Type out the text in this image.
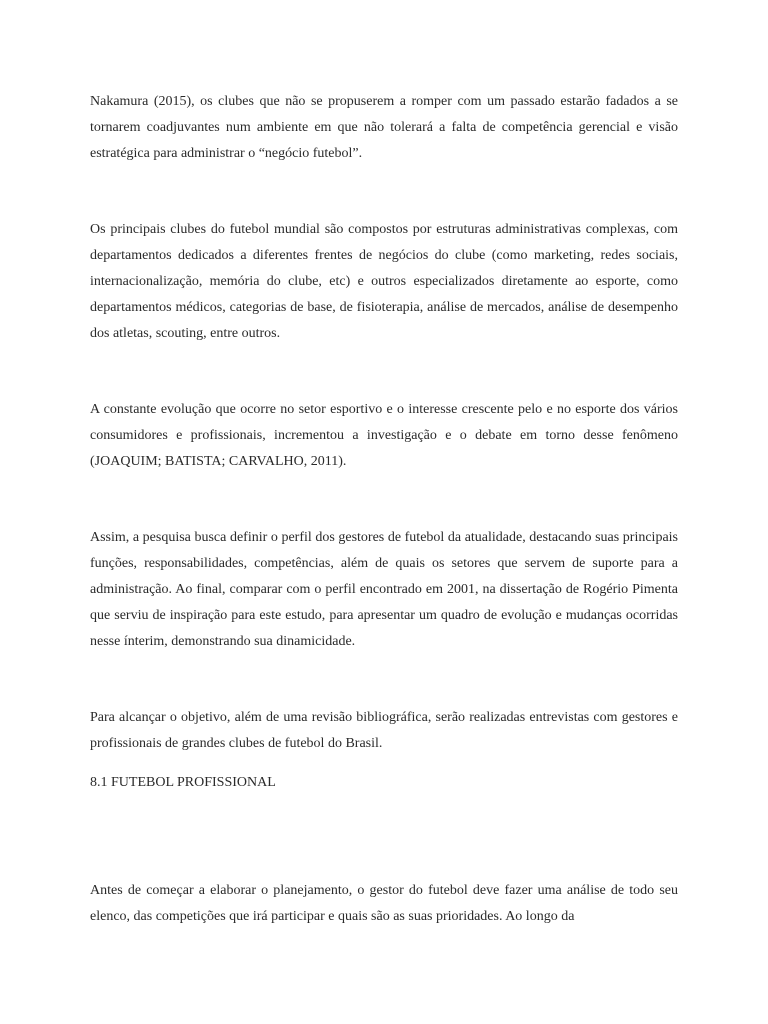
Nakamura (2015), os clubes que não se propuserem a romper com um passado estarão fadados a se tornarem coadjuvantes num ambiente em que não tolerará a falta de competência gerencial e visão estratégica para administrar o “negócio futebol”.

Os principais clubes do futebol mundial são compostos por estruturas administrativas complexas, com departamentos dedicados a diferentes frentes de negócios do clube (como marketing, redes sociais, internacionalização, memória do clube, etc) e outros especializados diretamente ao esporte, como departamentos médicos, categorias de base, de fisioterapia, análise de mercados, análise de desempenho dos atletas, scouting, entre outros.

A constante evolução que ocorre no setor esportivo e o interesse crescente pelo e no esporte dos vários consumidores e profissionais, incrementou a investigação e o debate em torno desse fenômeno (JOAQUIM; BATISTA; CARVALHO, 2011).

Assim, a pesquisa busca definir o perfil dos gestores de futebol da atualidade, destacando suas principais funções, responsabilidades, competências, além de quais os setores que servem de suporte para a administração. Ao final, comparar com o perfil encontrado em 2001, na dissertação de Rogério Pimenta que serviu de inspiração para este estudo, para apresentar um quadro de evolução e mudanças ocorridas nesse ínterim, demonstrando sua dinamicidade.

Para alcançar o objetivo, além de uma revisão bibliográfica, serão realizadas entrevistas com gestores e profissionais de grandes clubes de futebol do Brasil.

8.1 FUTEBOL PROFISSIONAL

Antes de começar a elaborar o planejamento, o gestor do futebol deve fazer uma análise de todo seu elenco, das competições que irá participar e quais são as suas prioridades. Ao longo da
